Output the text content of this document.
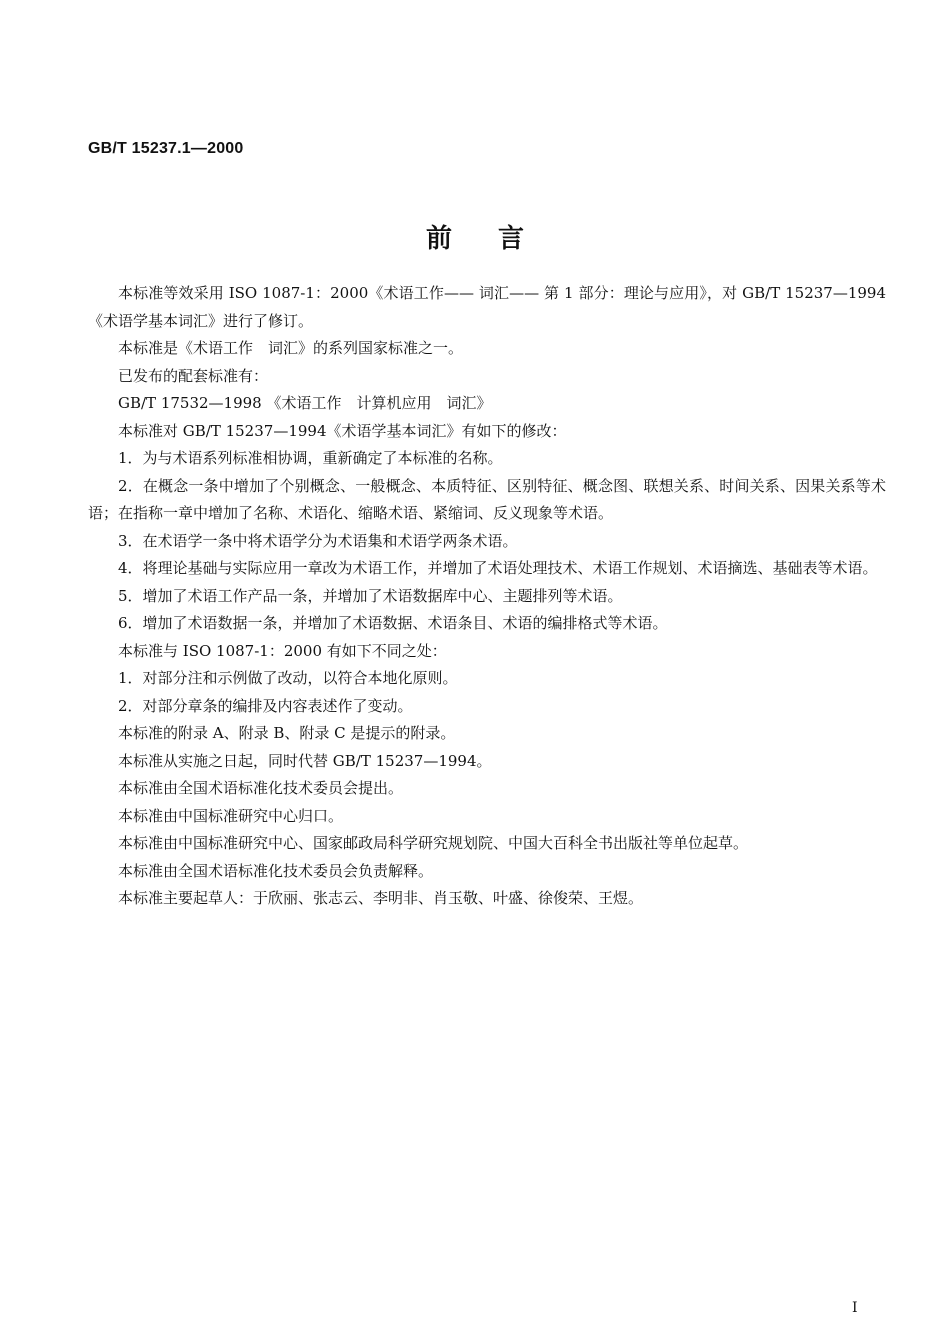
GB/T 15237.1—2000
前言

本标准等效采用 ISO 1087-1：2000《术语工作—— 词汇—— 第 1 部分：理论与应用》，对 GB/T 15237—1994《术语学基本词汇》进行了修订。

本标准是《术语工作　词汇》的系列国家标准之一。

已发布的配套标准有：

GB/T 17532—1998 《术语工作　计算机应用　词汇》

本标准对 GB/T 15237—1994《术语学基本词汇》有如下的修改：

1．为与术语系列标准相协调，重新确定了本标准的名称。

2．在概念一条中增加了个别概念、一般概念、本质特征、区别特征、概念图、联想关系、时间关系、因果关系等术语；在指称一章中增加了名称、术语化、缩略术语、紧缩词、反义现象等术语。

3．在术语学一条中将术语学分为术语集和术语学两条术语。

4．将理论基础与实际应用一章改为术语工作，并增加了术语处理技术、术语工作规划、术语摘选、基础表等术语。

5．增加了术语工作产品一条，并增加了术语数据库中心、主题排列等术语。

6．增加了术语数据一条，并增加了术语数据、术语条目、术语的编排格式等术语。

本标准与 ISO 1087-1：2000 有如下不同之处：

1．对部分注和示例做了改动，以符合本地化原则。

2．对部分章条的编排及内容表述作了变动。

本标准的附录 A、附录 B、附录 C 是提示的附录。

本标准从实施之日起，同时代替 GB/T 15237—1994。

本标准由全国术语标准化技术委员会提出。

本标准由中国标准研究中心归口。

本标准由中国标准研究中心、国家邮政局科学研究规划院、中国大百科全书出版社等单位起草。

本标准由全国术语标准化技术委员会负责解释。

本标准主要起草人：于欣丽、张志云、李明非、肖玉敬、叶盛、徐俊荣、王煜。

I
